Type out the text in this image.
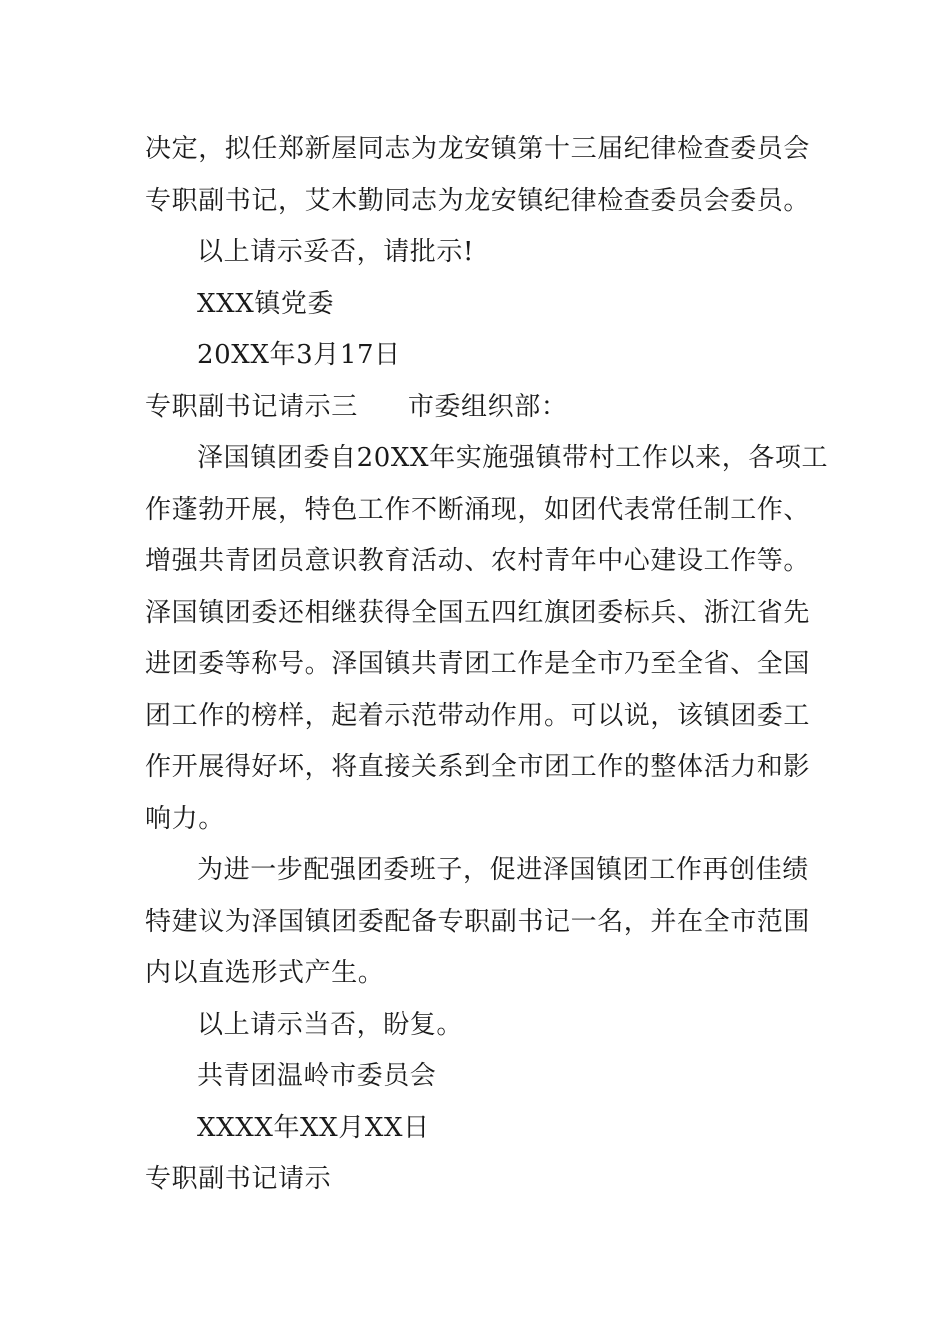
决定，拟任郑新屋同志为龙安镇第十三届纪律检查委员会
专职副书记，艾木勤同志为龙安镇纪律检查委员会委员。
以上请示妥否，请批示!
XXX镇党委
20XX年3月17日
专职副书记请示三 市委组织部：
泽国镇团委自20XX年实施强镇带村工作以来，各项工
作蓬勃开展，特色工作不断涌现，如团代表常任制工作、
增强共青团员意识教育活动、农村青年中心建设工作等。
泽国镇团委还相继获得全国五四红旗团委标兵、浙江省先
进团委等称号。泽国镇共青团工作是全市乃至全省、全国
团工作的榜样，起着示范带动作用。可以说，该镇团委工
作开展得好坏，将直接关系到全市团工作的整体活力和影
响力。
为进一步配强团委班子，促进泽国镇团工作再创佳绩
特建议为泽国镇团委配备专职副书记一名，并在全市范围
内以直选形式产生。
以上请示当否，盼复。
共青团温岭市委员会
XXXX年XX月XX日
专职副书记请示
